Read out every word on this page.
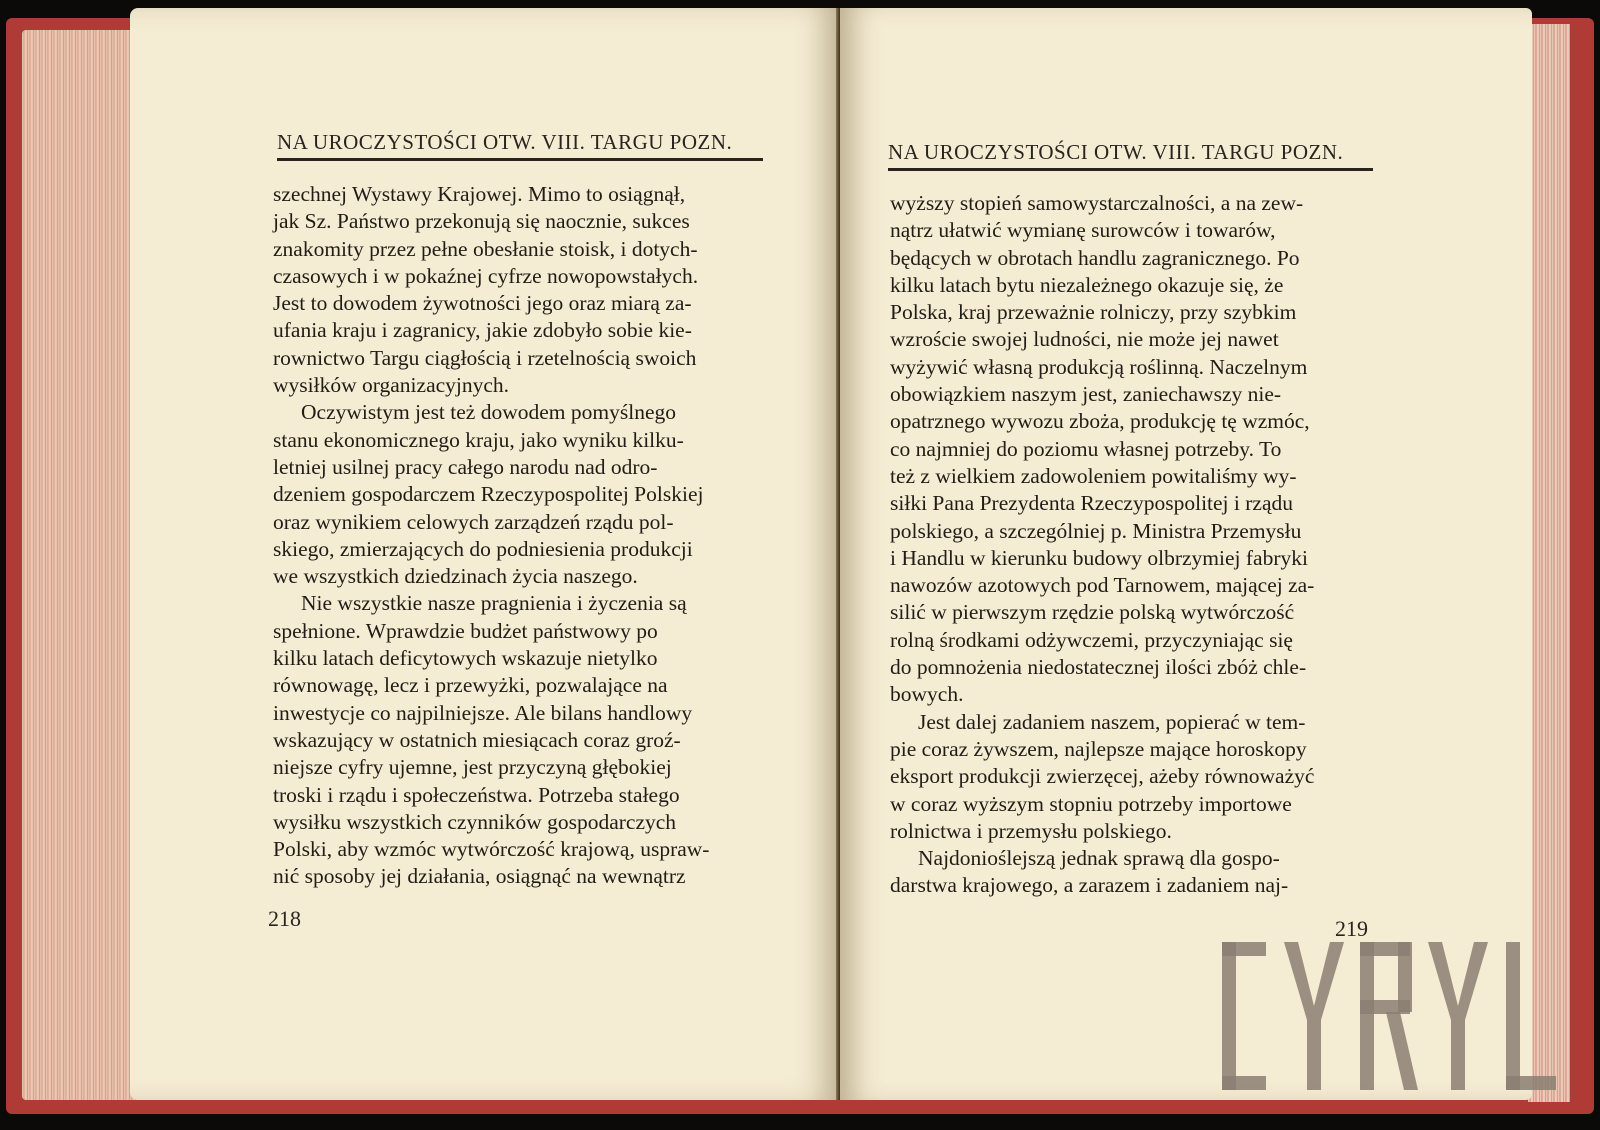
NA UROCZYSTOŚCI OTW. VIII. TARGU POZN.
szechnej Wystawy Krajowej. Mimo to osiągnął,
jak Sz. Państwo przekonują się naocznie, sukces
znakomity przez pełne obesłanie stoisk, i dotych-
czasowych i w pokaźnej cyfrze nowopowstałych.
Jest to dowodem żywotności jego oraz miarą za-
ufania kraju i zagranicy, jakie zdobyło sobie kie-
rownictwo Targu ciągłością i rzetelnością swoich
wysiłków organizacyjnych.
Oczywistym jest też dowodem pomyślnego
stanu ekonomicznego kraju, jako wyniku kilku-
letniej usilnej pracy całego narodu nad odro-
dzeniem gospodarczem Rzeczypospolitej Polskiej
oraz wynikiem celowych zarządzeń rządu pol-
skiego, zmierzających do podniesienia produkcji
we wszystkich dziedzinach życia naszego.
Nie wszystkie nasze pragnienia i życzenia są
spełnione. Wprawdzie budżet państwowy po
kilku latach deficytowych wskazuje nietylko
równowagę, lecz i przewyżki, pozwalające na
inwestycje co najpilniejsze. Ale bilans handlowy
wskazujący w ostatnich miesiącach coraz groź-
niejsze cyfry ujemne, jest przyczyną głębokiej
troski i rządu i społeczeństwa. Potrzeba stałego
wysiłku wszystkich czynników gospodarczych
Polski, aby wzmóc wytwórczość krajową, uspraw-
nić sposoby jej działania, osiągnąć na wewnątrz
218
NA UROCZYSTOŚCI OTW. VIII. TARGU POZN.
wyższy stopień samowystarczalności, a na zew-
nątrz ułatwić wymianę surowców i towarów,
będących w obrotach handlu zagranicznego. Po
kilku latach bytu niezależnego okazuje się, że
Polska, kraj przeważnie rolniczy, przy szybkim
wzroście swojej ludności, nie może jej nawet
wyżywić własną produkcją roślinną. Naczelnym
obowiązkiem naszym jest, zaniechawszy nie-
opatrznego wywozu zboża, produkcję tę wzmóc,
co najmniej do poziomu własnej potrzeby. To
też z wielkiem zadowoleniem powitaliśmy wy-
siłki Pana Prezydenta Rzeczypospolitej i rządu
polskiego, a szczególniej p. Ministra Przemysłu
i Handlu w kierunku budowy olbrzymiej fabryki
nawozów azotowych pod Tarnowem, mającej za-
silić w pierwszym rzędzie polską wytwórczość
rolną środkami odżywczemi, przyczyniając się
do pomnożenia niedostatecznej ilości zbóż chle-
bowych.
Jest dalej zadaniem naszem, popierać w tem-
pie coraz żywszem, najlepsze mające horoskopy
eksport produkcji zwierzęcej, ażeby równoważyć
w coraz wyższym stopniu potrzeby importowe
rolnictwa i przemysłu polskiego.
Najdonioślejszą jednak sprawą dla gospo-
darstwa krajowego, a zarazem i zadaniem naj-
219
